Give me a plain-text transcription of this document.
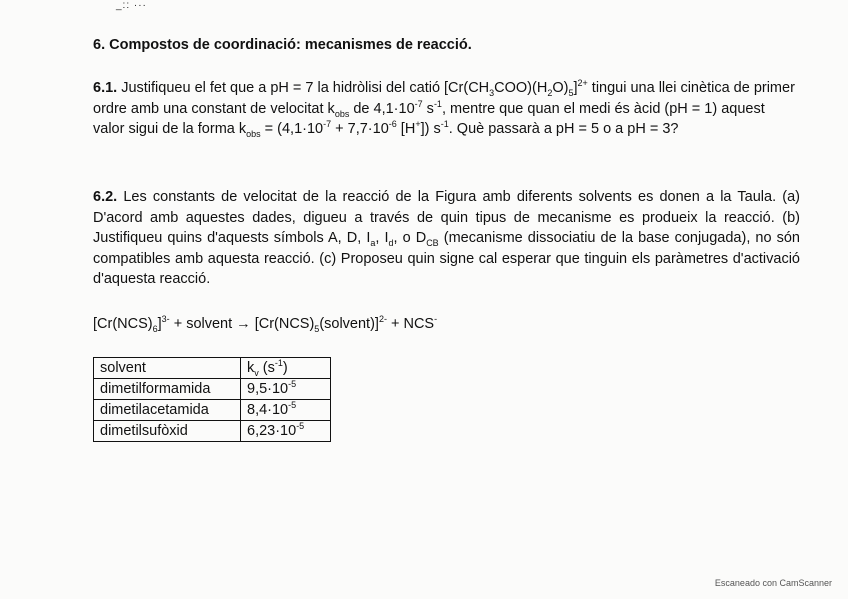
_:: ···

6. Compostos de coordinació: mecanismes de reacció.

6.1. Justifiqueu el fet que a pH = 7 la hidròlisi del catió $[Cr(CH_3COO)(H_2O)_5]^{2+}$ tingui una llei cinètica de primer ordre amb una constant de velocitat $k_{obs}$ de $4,1\cdot 10^{-7}$ $s^{-1}$, mentre que quan el medi és àcid (pH = 1) aquest valor sigui de la forma $k_{obs} = (4,1\cdot 10^{-7} + 7,7\cdot 10^{-6}$ [H+]) $s^{-1}$. Què passarà a pH = 5 o a pH = 3?

6.2. Les constants de velocitat de la reacció de la Figura amb diferents solvents es donen a la Taula. (a) D'acord amb aquestes dades, digueu a través de quin tipus de mecanisme es produeix la reacció. (b) Justifiqueu quins d'aquests símbols A, D, $I_a$, $I_d$, o $D_{CB}$ (mecanisme dissociatiu de la base conjugada), no són compatibles amb aquesta reacció. (c) Proposeu quin signe cal esperar que tinguin els paràmetres d'activació d'aquesta reacció.

$[Cr(NCS)_6]^{3-}$ + solvent → $[Cr(NCS)_5(solvent)]^{2-} + NCS^-$

solvent	$k_v$ $(s^{-1})$
dimetilformamida	$9,5\cdot 10^{-5}$
dimetilacetamida	$8,4\cdot 10^{-5}$
dimetilsufòxid	$6,23\cdot 10^{-5}$
Escaneado con CamScanner
